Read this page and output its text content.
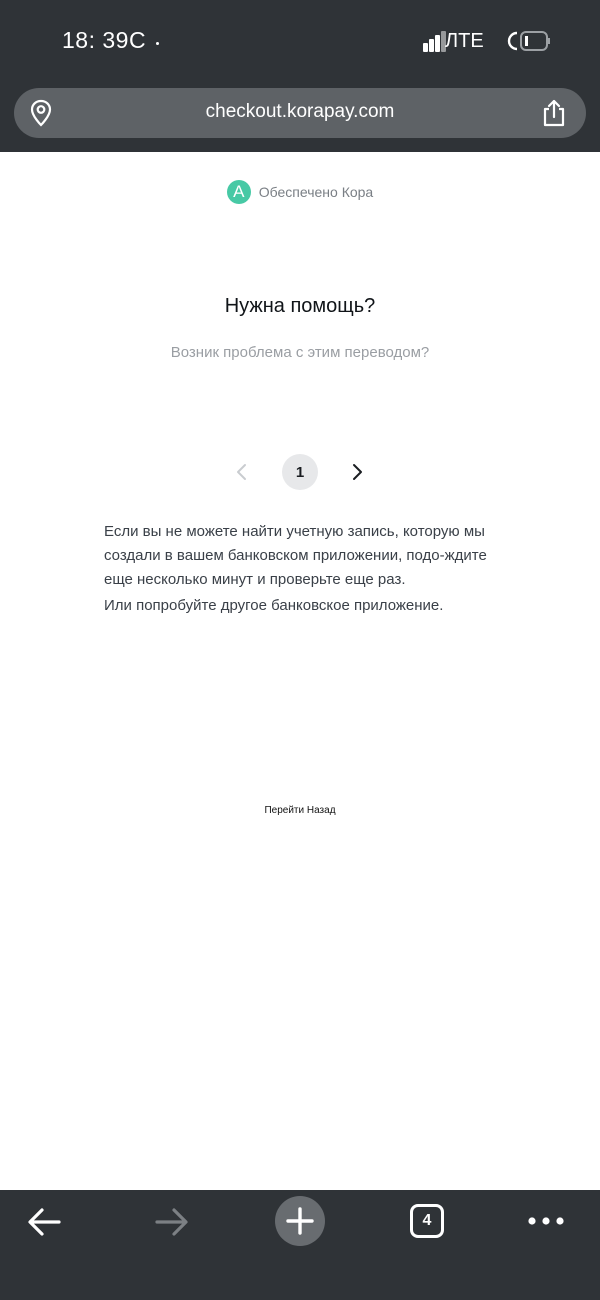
18: 39C	ЛТЕ
checkout.korapay.com
A	Обеспечено Кора
Нужна помощь?
Возник проблема с этим переводом?
1

Если вы не можете найти учетную запись, которую мы создали в вашем банковском приложении, подо-ждите еще несколько минут и проверьте еще раз.

Или попробуйте другое банковское приложение.

Перейти Назад
4
